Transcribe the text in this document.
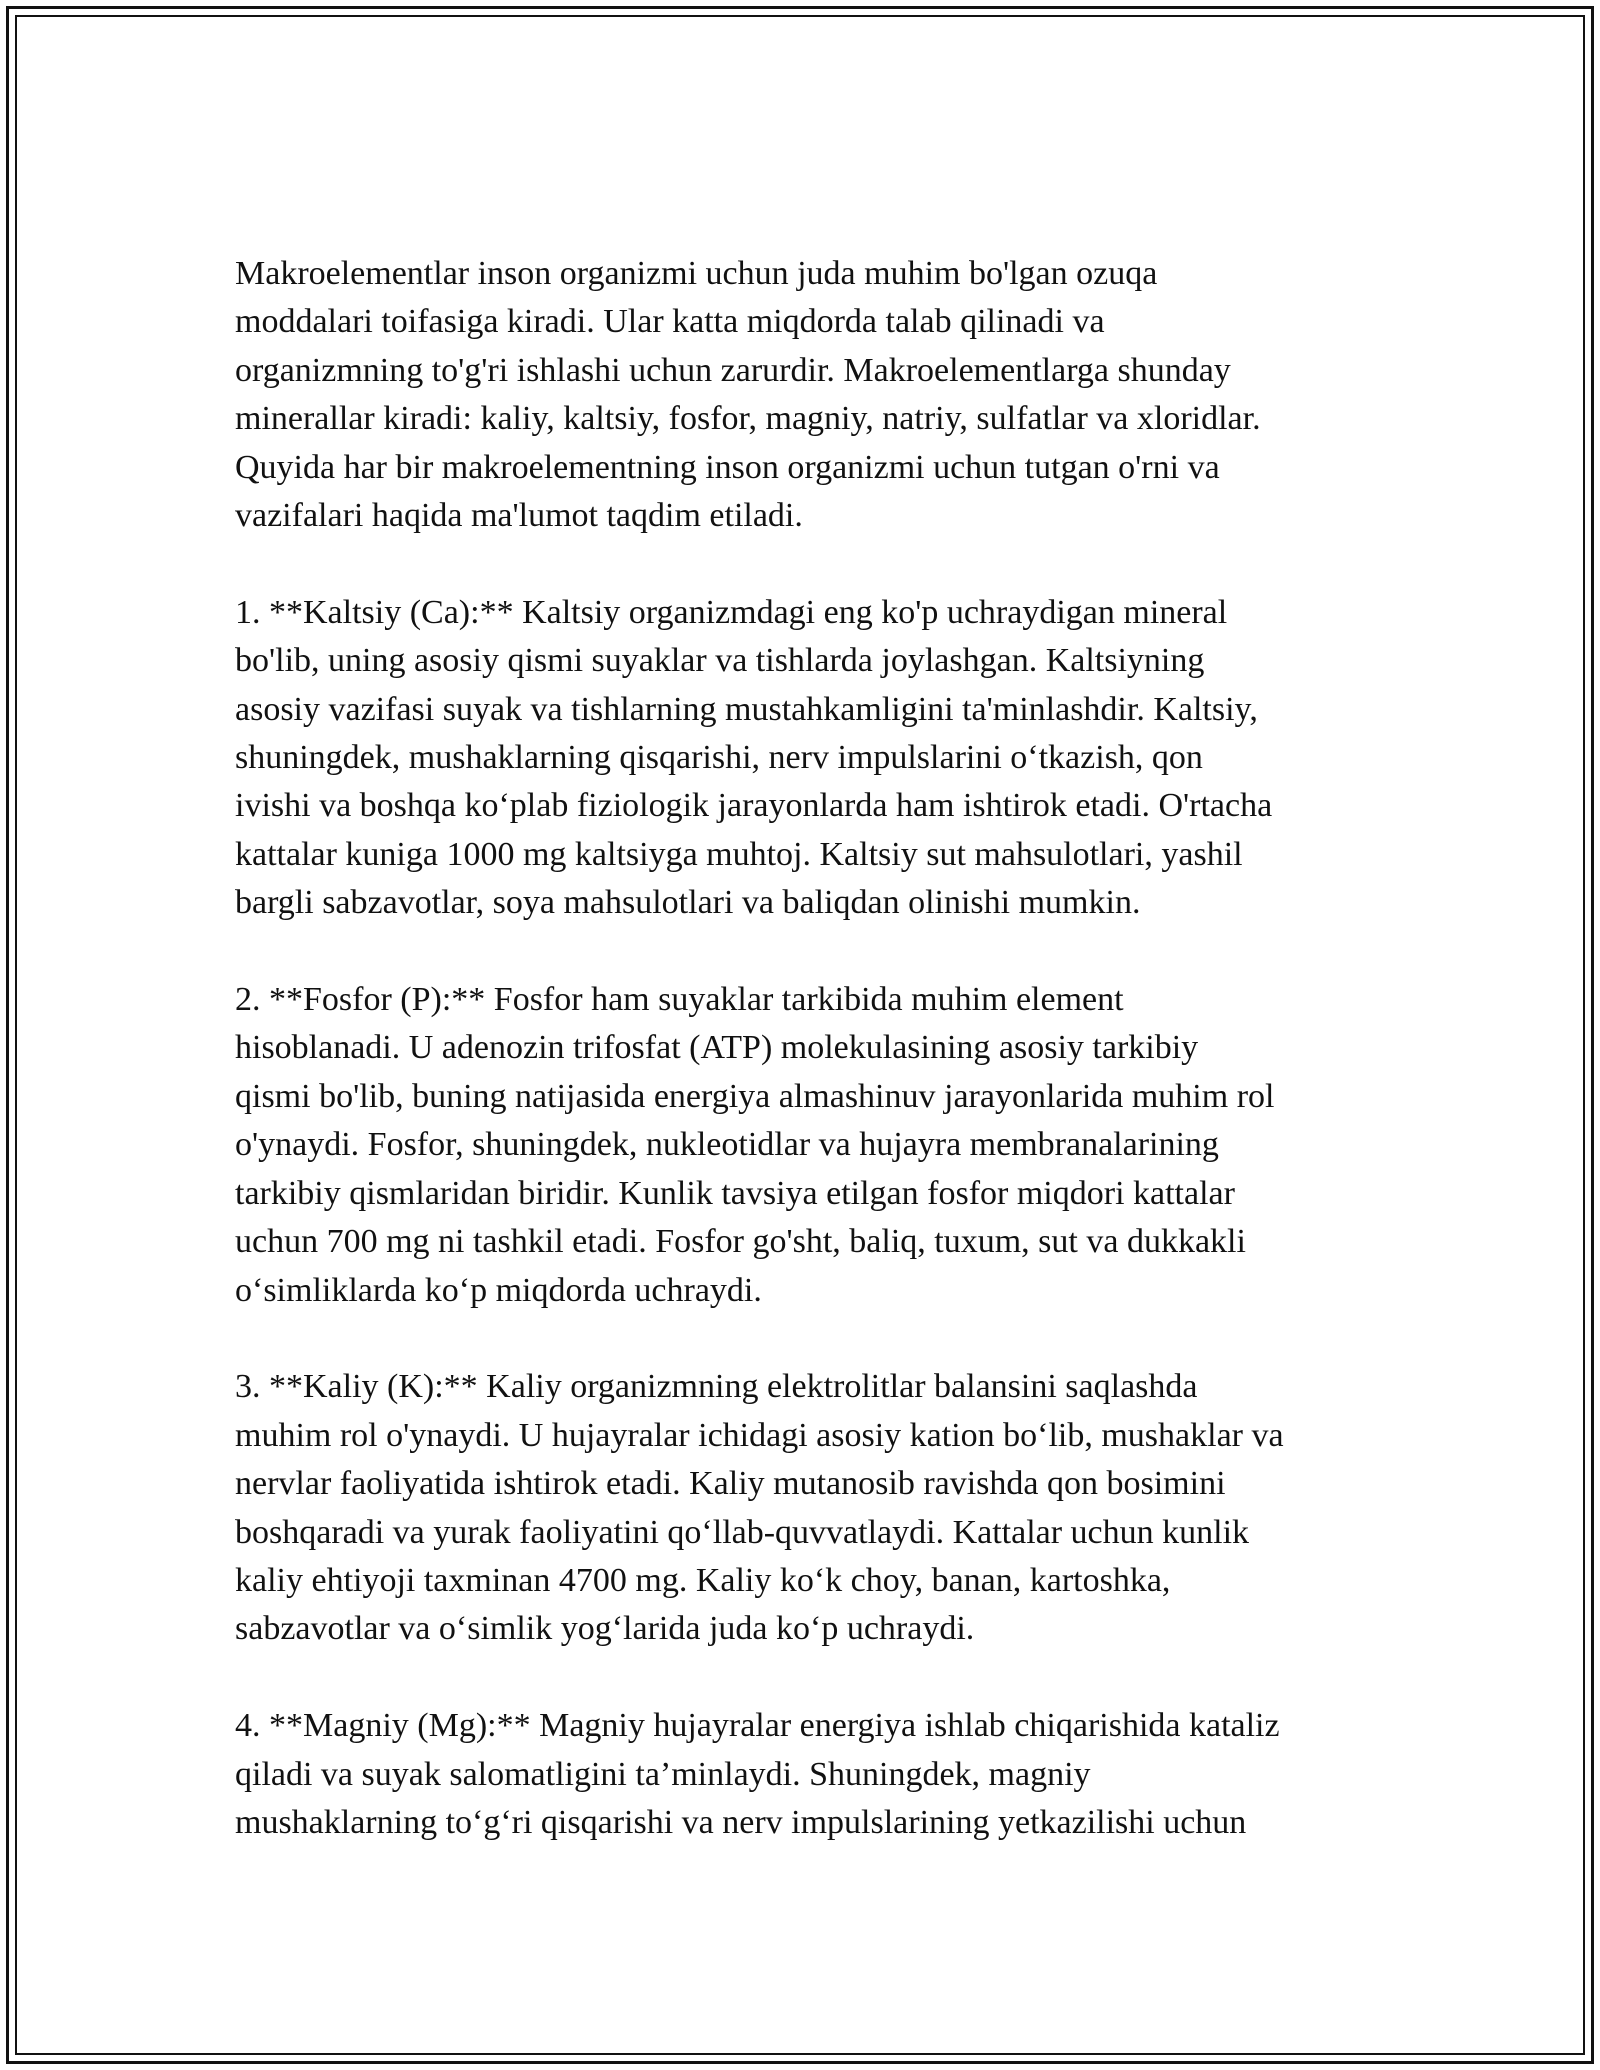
Makroelementlar inson organizmi uchun juda muhim bo'lgan ozuqa
moddalari toifasiga kiradi. Ular katta miqdorda talab qilinadi va
organizmning to'g'ri ishlashi uchun zarurdir. Makroelementlarga shunday
minerallar kiradi: kaliy, kaltsiy, fosfor, magniy, natriy, sulfatlar va xloridlar.
Quyida har bir makroelementning inson organizmi uchun tutgan o'rni va
vazifalari haqida ma'lumot taqdim etiladi.

1. **Kaltsiy (Ca):** Kaltsiy organizmdagi eng ko'p uchraydigan mineral
bo'lib, uning asosiy qismi suyaklar va tishlarda joylashgan. Kaltsiyning
asosiy vazifasi suyak va tishlarning mustahkamligini ta'minlashdir. Kaltsiy,
shuningdek, mushaklarning qisqarishi, nerv impulslarini o‘tkazish, qon
ivishi va boshqa ko‘plab fiziologik jarayonlarda ham ishtirok etadi. O'rtacha
kattalar kuniga 1000 mg kaltsiyga muhtoj. Kaltsiy sut mahsulotlari, yashil
bargli sabzavotlar, soya mahsulotlari va baliqdan olinishi mumkin.

2. **Fosfor (P):** Fosfor ham suyaklar tarkibida muhim element
hisoblanadi. U adenozin trifosfat (ATP) molekulasining asosiy tarkibiy
qismi bo'lib, buning natijasida energiya almashinuv jarayonlarida muhim rol
o'ynaydi. Fosfor, shuningdek, nukleotidlar va hujayra membranalarining
tarkibiy qismlaridan biridir. Kunlik tavsiya etilgan fosfor miqdori kattalar
uchun 700 mg ni tashkil etadi. Fosfor go'sht, baliq, tuxum, sut va dukkakli
o‘simliklarda ko‘p miqdorda uchraydi.

3. **Kaliy (K):** Kaliy organizmning elektrolitlar balansini saqlashda
muhim rol o'ynaydi. U hujayralar ichidagi asosiy kation bo‘lib, mushaklar va
nervlar faoliyatida ishtirok etadi. Kaliy mutanosib ravishda qon bosimini
boshqaradi va yurak faoliyatini qo‘llab-quvvatlaydi. Kattalar uchun kunlik
kaliy ehtiyoji taxminan 4700 mg. Kaliy ko‘k choy, banan, kartoshka,
sabzavotlar va o‘simlik yog‘larida juda ko‘p uchraydi.

4. **Magniy (Mg):** Magniy hujayralar energiya ishlab chiqarishida kataliz
qiladi va suyak salomatligini ta’minlaydi. Shuningdek, magniy
mushaklarning to‘g‘ri qisqarishi va nerv impulslarining yetkazilishi uchun
